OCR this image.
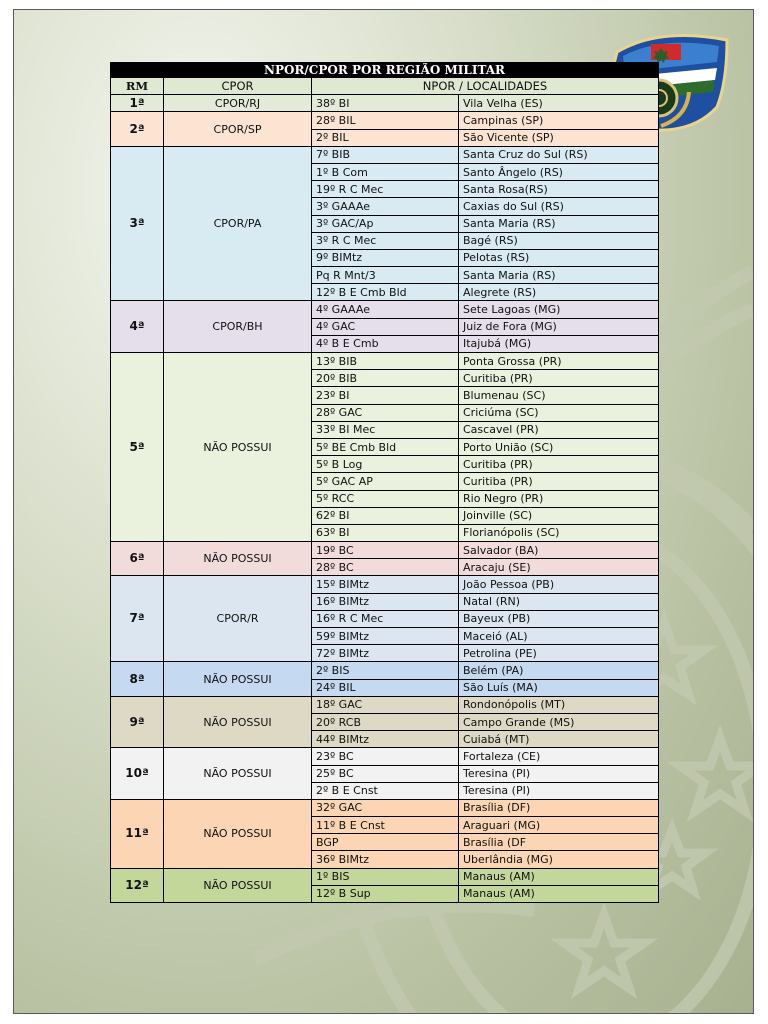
NPOR/CPOR POR REGIÃO MILITAR			
RM	CPOR	NPOR / LOCALIDADES	
1ª	CPOR/RJ	38º BI	Vila Velha (ES)
2ª	CPOR/SP	28º BIL	Campinas (SP)
		2º BIL	São Vicente (SP)
3ª	CPOR/PA	7º BIB	Santa Cruz do Sul (RS)
		1º B Com	Santo Ângelo (RS)
		19º R C Mec	Santa Rosa(RS)
		3º GAAAe	Caxias do Sul (RS)
		3º GAC/Ap	Santa Maria (RS)
		3º R C Mec	Bagé (RS)
		9º BIMtz	Pelotas (RS)
		Pq R Mnt/3	Santa Maria (RS)
		12º B E Cmb Bld	Alegrete (RS)
4ª	CPOR/BH	4º GAAAe	Sete Lagoas (MG)
		4º GAC	Juiz de Fora (MG)
		4º B E Cmb	Itajubá (MG)
5ª	NÃO POSSUI	13º BIB	Ponta Grossa (PR)
		20º BIB	Curitiba (PR)
		23º BI	Blumenau (SC)
		28º GAC	Criciúma (SC)
		33º BI Mec	Cascavel (PR)
		5º BE Cmb Bld	Porto União (SC)
		5º B Log	Curitiba (PR)
		5º GAC AP	Curitiba (PR)
		5º RCC	Rio Negro (PR)
		62º BI	Joinville (SC)
		63º BI	Florianópolis (SC)
6ª	NÃO POSSUI	19º BC	Salvador (BA)
		28º BC	Aracaju (SE)
7ª	CPOR/R	15º BIMtz	João Pessoa (PB)
		16º BIMtz	Natal (RN)
		16º R C Mec	Bayeux (PB)
		59º BIMtz	Maceió (AL)
		72º BIMtz	Petrolina (PE)
8ª	NÃO POSSUI	2º BIS	Belém (PA)
		24º BIL	São Luís (MA)
9ª	NÃO POSSUI	18º GAC	Rondonópolis (MT)
		20º RCB	Campo Grande (MS)
		44º BIMtz	Cuiabá (MT)
10ª	NÃO POSSUI	23º BC	Fortaleza (CE)
		25º BC	Teresina (PI)
		2º B E Cnst	Teresina (PI)
11ª	NÃO POSSUI	32º GAC	Brasília (DF)
		11º B E Cnst	Araguari (MG)
		BGP	Brasília (DF
		36º BIMtz	Uberlândia (MG)
12ª	NÃO POSSUI	1º BIS	Manaus (AM)
		12º B Sup	Manaus (AM)
